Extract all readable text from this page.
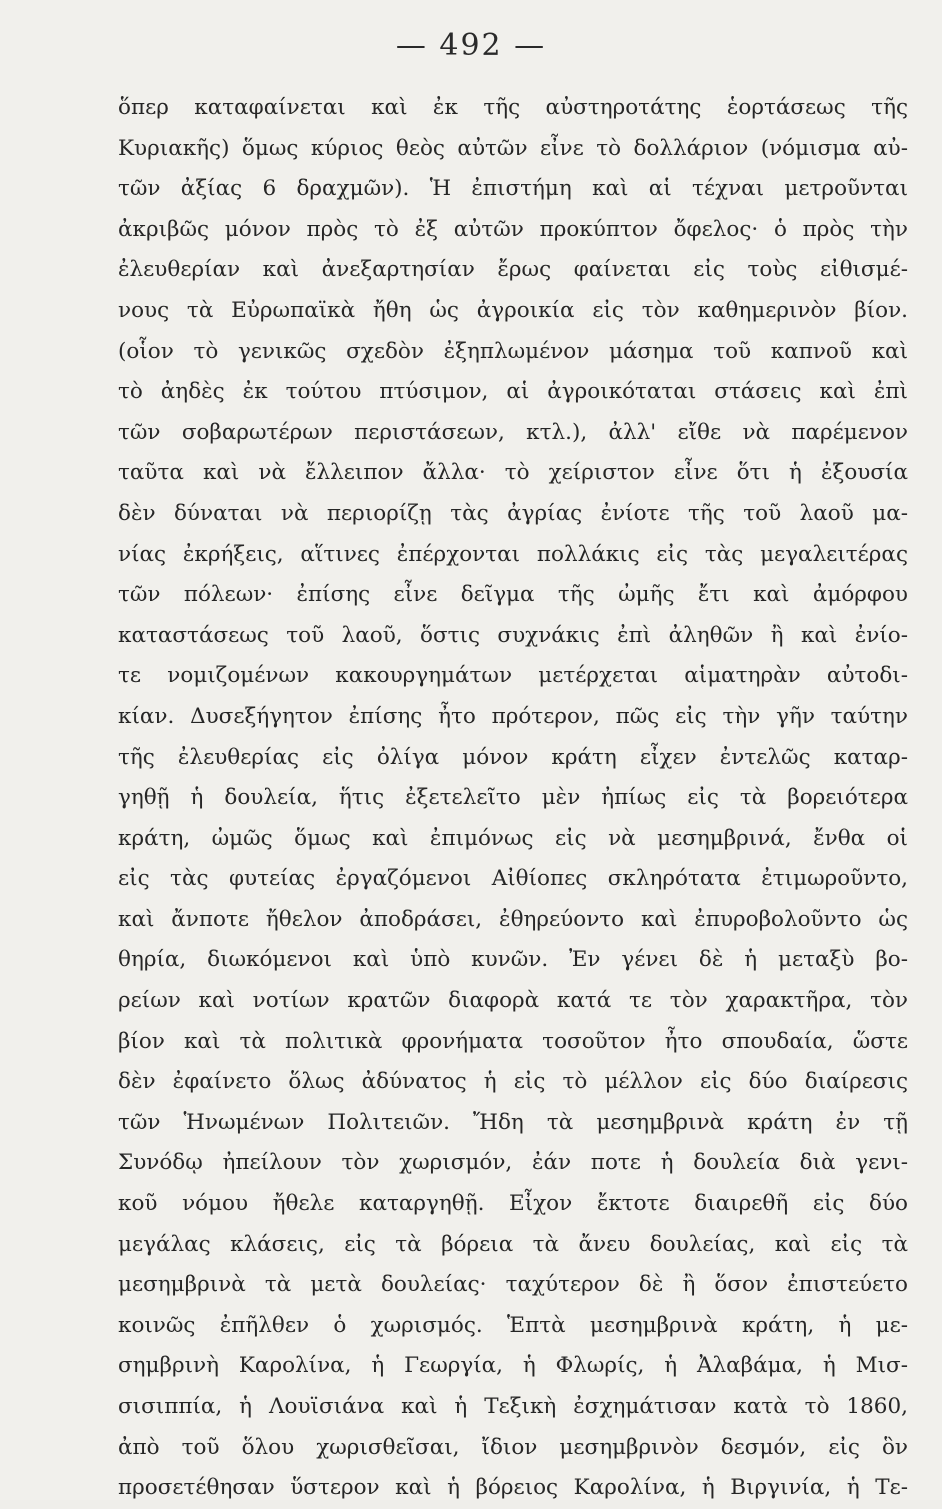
— 492 —
ὅπερ καταφαίνεται καὶ ἐκ τῆς αὐστηροτάτης ἑορτάσεως τῆς
Κυριακῆς) ὅμως κύριος θεὸς αὐτῶν εἶνε τὸ δολλάριον (νόμισμα αὐ-
τῶν ἀξίας 6 δραχμῶν). Ἡ ἐπιστήμη καὶ αἱ τέχναι μετροῦνται
ἀκριβῶς μόνον πρὸς τὸ ἐξ αὐτῶν προκύπτον ὄφελος· ὁ πρὸς τὴν
ἐλευθερίαν καὶ ἀνεξαρτησίαν ἔρως φαίνεται εἰς τοὺς εἰθισμέ-
νους τὰ Εὐρωπαϊκὰ ἤθη ὡς ἀγροικία εἰς τὸν καθημερινὸν βίον.
(οἷον τὸ γενικῶς σχεδὸν ἐξηπλωμένον μάσημα τοῦ καπνοῦ καὶ
τὸ ἀηδὲς ἐκ τούτου πτύσιμον, αἱ ἀγροικόταται στάσεις καὶ ἐπὶ
τῶν σοβαρωτέρων περιστάσεων, κτλ.), ἀλλ' εἴθε νὰ παρέμενον
ταῦτα καὶ νὰ ἔλλειπον ἄλλα· τὸ χείριστον εἶνε ὅτι ἡ ἐξουσία
δὲν δύναται νὰ περιορίζῃ τὰς ἀγρίας ἐνίοτε τῆς τοῦ λαοῦ μα-
νίας ἐκρήξεις, αἵτινες ἐπέρχονται πολλάκις εἰς τὰς μεγαλειτέρας
τῶν πόλεων· ἐπίσης εἶνε δεῖγμα τῆς ὠμῆς ἔτι καὶ ἀμόρφου
καταστάσεως τοῦ λαοῦ, ὅστις συχνάκις ἐπὶ ἀληθῶν ἢ καὶ ἐνίο-
τε νομιζομένων κακουργημάτων μετέρχεται αἱματηρὰν αὐτοδι-
κίαν. Δυσεξήγητον ἐπίσης ἦτο πρότερον, πῶς εἰς τὴν γῆν ταύτην
τῆς ἐλευθερίας εἰς ὀλίγα μόνον κράτη εἶχεν ἐντελῶς καταρ-
γηθῇ ἡ δουλεία, ἥτις ἐξετελεῖτο μὲν ἠπίως εἰς τὰ βορειότερα
κράτη, ὠμῶς ὅμως καὶ ἐπιμόνως εἰς νὰ μεσημβρινά, ἔνθα οἱ
εἰς τὰς φυτείας ἐργαζόμενοι Αἰθίοπες σκληρότατα ἐτιμωροῦντο,
καὶ ἄνποτε ἤθελον ἀποδράσει, ἐθηρεύοντο καὶ ἐπυροβολοῦντο ὡς
θηρία, διωκόμενοι καὶ ὑπὸ κυνῶν. Ἐν γένει δὲ ἡ μεταξὺ βο-
ρείων καὶ νοτίων κρατῶν διαφορὰ κατά τε τὸν χαρακτῆρα, τὸν
βίον καὶ τὰ πολιτικὰ φρονήματα τοσοῦτον ἦτο σπουδαία, ὥστε
δὲν ἐφαίνετο ὅλως ἀδύνατος ἡ εἰς τὸ μέλλον εἰς δύο διαίρεσις
τῶν Ἡνωμένων Πολιτειῶν. Ἤδη τὰ μεσημβρινὰ κράτη ἐν τῇ
Συνόδῳ ἠπείλουν τὸν χωρισμόν, ἐάν ποτε ἡ δουλεία διὰ γενι-
κοῦ νόμου ἤθελε καταργηθῇ. Εἶχον ἔκτοτε διαιρεθῆ εἰς δύο
μεγάλας κλάσεις, εἰς τὰ βόρεια τὰ ἄνευ δουλείας, καὶ εἰς τὰ
μεσημβρινὰ τὰ μετὰ δουλείας· ταχύτερον δὲ ἢ ὅσον ἐπιστεύετο
κοινῶς ἐπῆλθεν ὁ χωρισμός. Ἑπτὰ μεσημβρινὰ κράτη, ἡ με-
σημβρινὴ Καρολίνα, ἡ Γεωργία, ἡ Φλωρίς, ἡ Ἀλαβάμα, ἡ Μισ-
σισιππία, ἡ Λουϊσιάνα καὶ ἡ Τεξικὴ ἐσχημάτισαν κατὰ τὸ 1860,
ἀπὸ τοῦ ὅλου χωρισθεῖσαι, ἴδιον μεσημβρινὸν δεσμόν, εἰς ὃν
προσετέθησαν ὕστερον καὶ ἡ βόρειος Καρολίνα, ἡ Βιργινία, ἡ Τε-
